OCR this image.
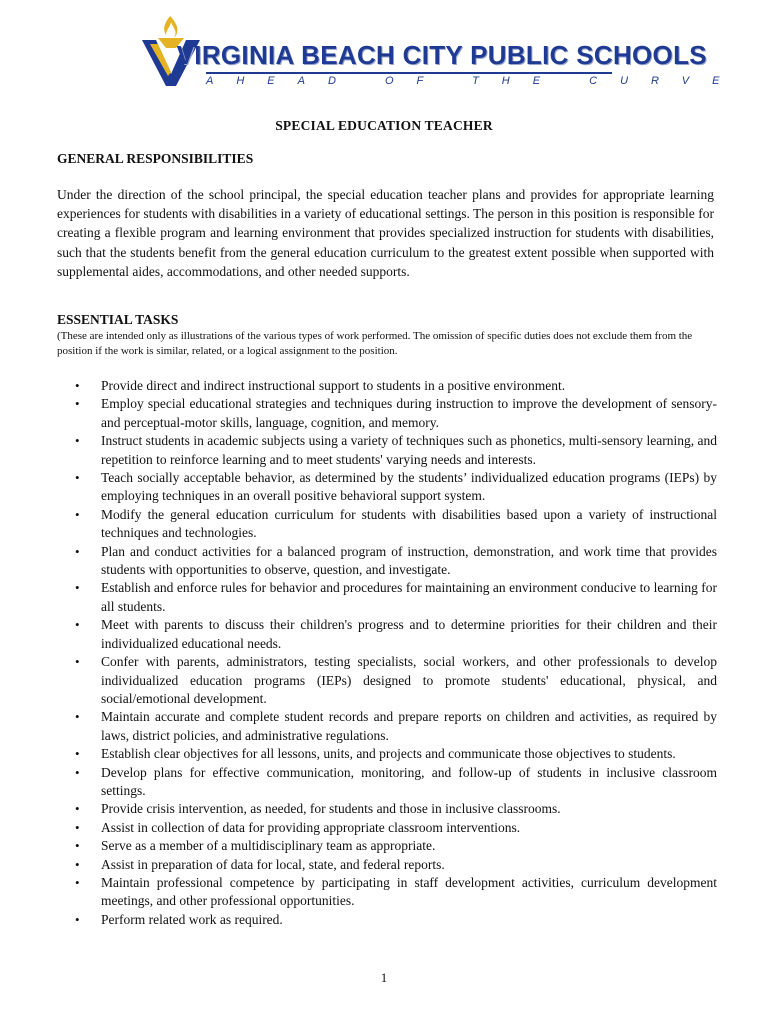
VIRGINIA BEACH CITY PUBLIC SCHOOLS
AHEAD OF THE CURVE
SPECIAL EDUCATION TEACHER
GENERAL RESPONSIBILITIES
Under the direction of the school principal, the special education teacher plans and provides for appropriate learning experiences for students with disabilities in a variety of educational settings. The person in this position is responsible for creating a flexible program and learning environment that provides specialized instruction for students with disabilities, such that the students benefit from the general education curriculum to the greatest extent possible when supported with supplemental aides, accommodations, and other needed supports.
ESSENTIAL TASKS
(These are intended only as illustrations of the various types of work performed. The omission of specific duties does not exclude them from the position if the work is similar, related, or a logical assignment to the position.
• Provide direct and indirect instructional support to students in a positive environment.
• Employ special educational strategies and techniques during instruction to improve the development of sensory- and perceptual-motor skills, language, cognition, and memory.
• Instruct students in academic subjects using a variety of techniques such as phonetics, multi-sensory learning, and repetition to reinforce learning and to meet students' varying needs and interests.
• Teach socially acceptable behavior, as determined by the students’ individualized education programs (IEPs) by employing techniques in an overall positive behavioral support system.
• Modify the general education curriculum for students with disabilities based upon a variety of instructional techniques and technologies.
• Plan and conduct activities for a balanced program of instruction, demonstration, and work time that provides students with opportunities to observe, question, and investigate.
• Establish and enforce rules for behavior and procedures for maintaining an environment conducive to learning for all students.
• Meet with parents to discuss their children's progress and to determine priorities for their children and their individualized educational needs.
• Confer with parents, administrators, testing specialists, social workers, and other professionals to develop individualized education programs (IEPs) designed to promote students' educational, physical, and social/emotional development.
• Maintain accurate and complete student records and prepare reports on children and activities, as required by laws, district policies, and administrative regulations.
• Establish clear objectives for all lessons, units, and projects and communicate those objectives to students.
• Develop plans for effective communication, monitoring, and follow-up of students in inclusive classroom settings.
• Provide crisis intervention, as needed, for students and those in inclusive classrooms.
• Assist in collection of data for providing appropriate classroom interventions.
• Serve as a member of a multidisciplinary team as appropriate.
• Assist in preparation of data for local, state, and federal reports.
• Maintain professional competence by participating in staff development activities, curriculum development meetings, and other professional opportunities.
• Perform related work as required.
1
